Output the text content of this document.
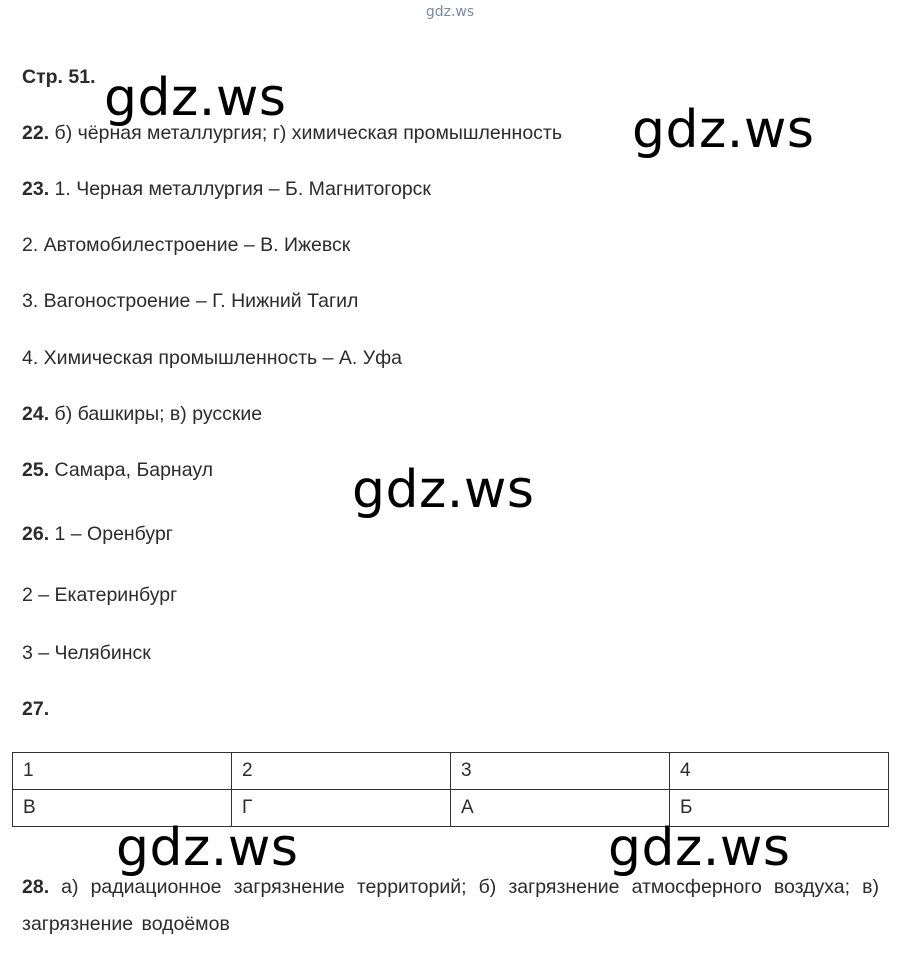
gdz.ws
Стр. 51.
22. б) чёрная металлургия; г) химическая промышленность
23. 1. Черная металлургия – Б. Магнитогорск
2. Автомобилестроение – В. Ижевск
3. Вагоностроение – Г. Нижний Тагил
4. Химическая промышленность – А. Уфа
24. б) башкиры; в) русские
25. Самара, Барнаул
26. 1 – Оренбург
2 – Екатеринбург
3 – Челябинск
27.
1	2	3	4
В	Г	А	Б
28. а) радиационное загрязнение территорий; б) загрязнение атмосферного воздуха; в) загрязнение водоёмов
gdz.ws
gdz.ws
gdz.ws
gdz.ws	gdz.ws
